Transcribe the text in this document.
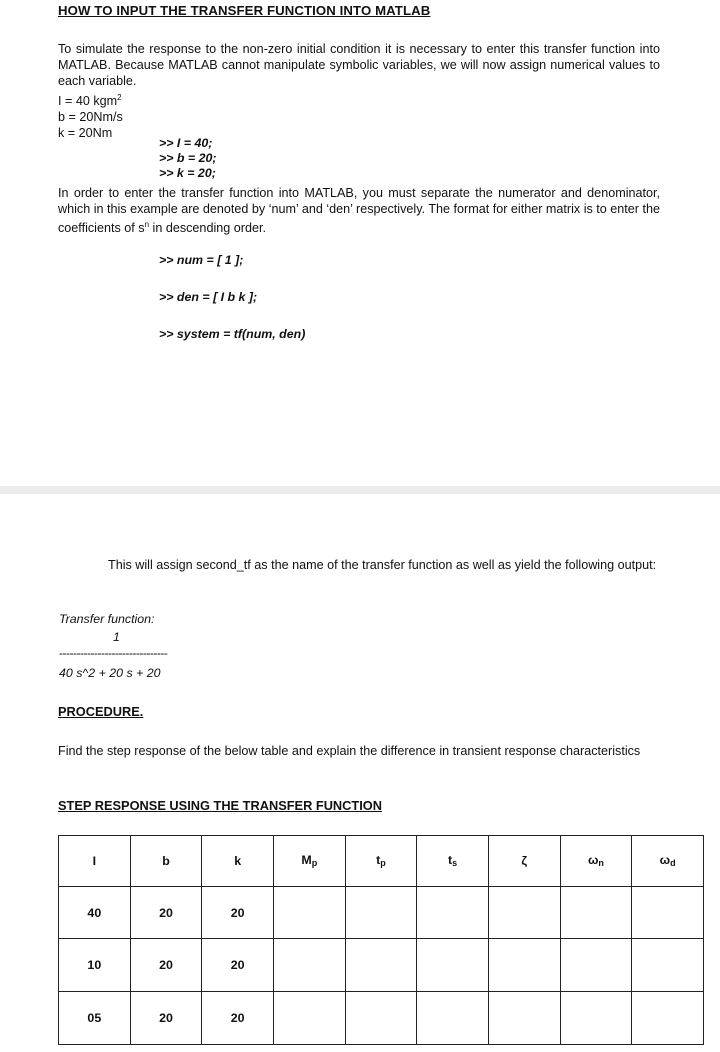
HOW TO INPUT THE TRANSFER FUNCTION INTO MATLAB
To simulate the response to the non-zero initial condition it is necessary to enter this transfer function into MATLAB. Because MATLAB cannot manipulate symbolic variables, we will now assign numerical values to each variable.
I = 40 kgm$^2$
b = 20Nm/s
k = 20Nm
>> I = 40;
>> b = 20;
>> k = 20;
In order to enter the transfer function into MATLAB, you must separate the numerator and denominator, which in this example are denoted by ‘num’ and ‘den’ respectively. The format for either matrix is to enter the coefficients of $s^n$ in descending order.
>> num = [ 1 ];
>> den = [ I b k ];
>> system = tf(num, den)
This will assign second_tf as the name of the transfer function as well as yield the following output:
Transfer function:
1
-------------------------------
40 s^2 + 20 s + 20
PROCEDURE.
Find the step response of the below table and explain the difference in transient response characteristics
STEP RESPONSE USING THE TRANSFER FUNCTION
I	b	k	$M_p$	$t_p$	$t_s$	ζ	$\omega_n$	$\omega_d$
40	20	20						
10	20	20						
05	20	20						
